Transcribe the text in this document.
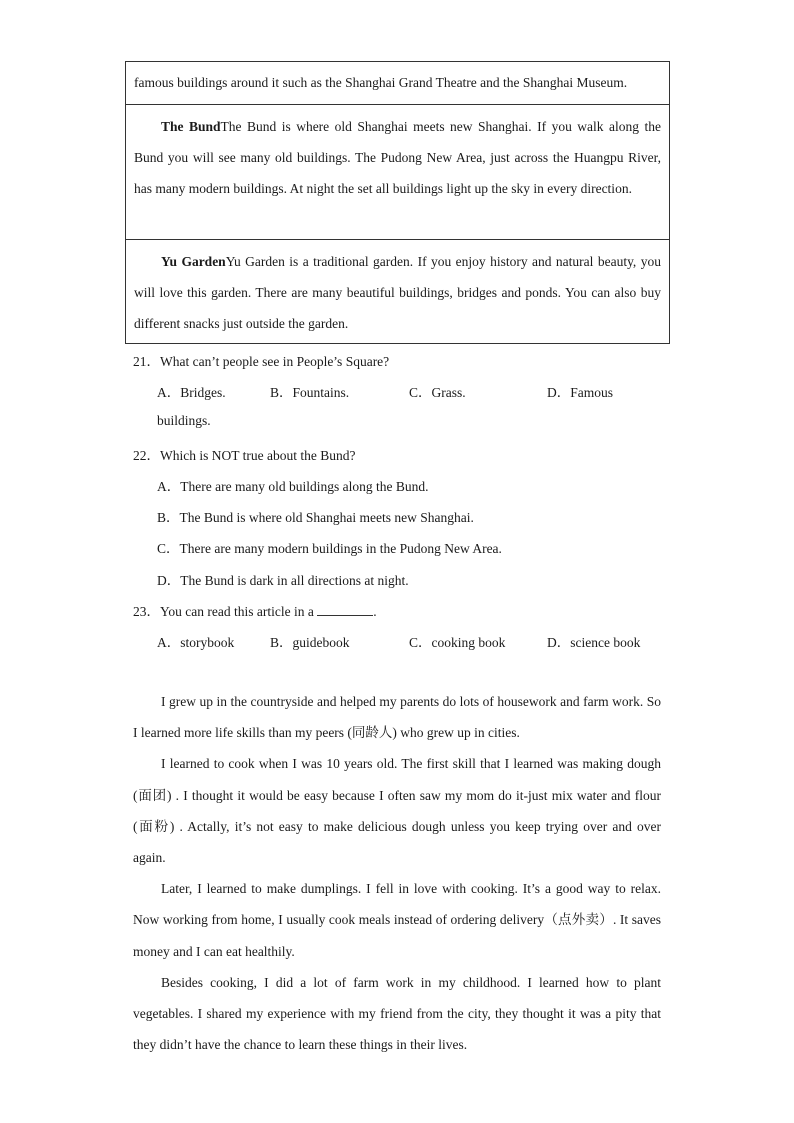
famous buildings around it such as the Shanghai Grand Theatre and the Shanghai Museum.

The BundThe Bund is where old Shanghai meets new Shanghai. If you walk along the Bund you will see many old buildings. The Pudong New Area, just across the Huangpu River, has many modern buildings. At night the set all buildings light up the sky in every direction.

Yu GardenYu Garden is a traditional garden. If you enjoy history and natural beauty, you will love this garden. There are many beautiful buildings, bridges and ponds. You can also buy different snacks just outside the garden.

21．What can’t people see in People’s Square?
A．Bridges.	B．Fountains.	C．Grass.	D．Famous
buildings.
22．Which is NOT true about the Bund?
A．There are many old buildings along the Bund.
B．The Bund is where old Shanghai meets new Shanghai.
C．There are many modern buildings in the Pudong New Area.
D．The Bund is dark in all directions at night.
23．You can read this article in a	.
A．storybook	B．guidebook	C．cooking book	D．science book

I grew up in the countryside and helped my parents do lots of housework and farm work. So I learned more life skills than my peers (同龄人) who grew up in cities.

I learned to cook when I was 10 years old. The first skill that I learned was making dough (面团) . I thought it would be easy because I often saw my mom do it-just mix water and flour (面粉) . Actally, it’s not easy to make delicious dough unless you keep trying over and over again.

Later, I learned to make dumplings. I fell in love with cooking. It’s a good way to relax. Now working from home, I usually cook meals instead of ordering delivery（点外卖）. It saves money and I can eat healthily.

Besides cooking, I did a lot of farm work in my childhood. I learned how to plant vegetables. I shared my experience with my friend from the city, they thought it was a pity that they didn’t have the chance to learn these things in their lives.
